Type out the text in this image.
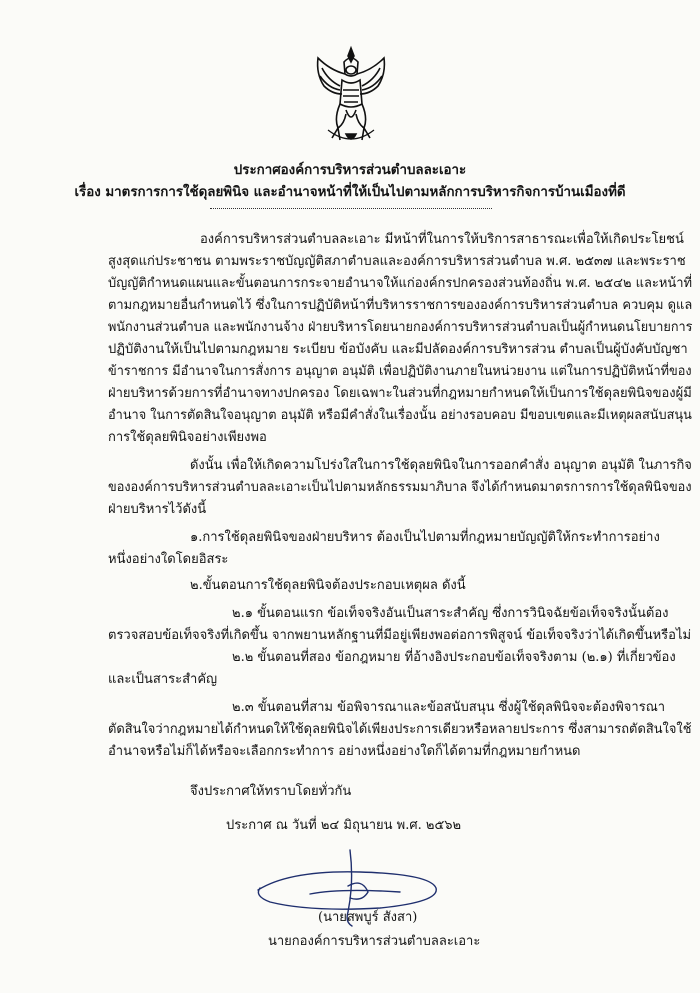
ประกาศองค์การบริหารส่วนตำบลละเอาะ
เรื่อง มาตรการการใช้ดุลยพินิจ และอำนาจหน้าที่ให้เป็นไปตามหลักการบริหารกิจการบ้านเมืองที่ดี
องค์การบริหารส่วนตำบลละเอาะ มีหน้าที่ในการให้บริการสาธารณะเพื่อให้เกิดประโยชน์
สูงสุดแก่ประชาชน ตามพระราชบัญญัติสภาตำบลและองค์การบริหารส่วนตำบล พ.ศ. ๒๕๓๗ และพระราช
บัญญัติกำหนดแผนและขั้นตอนการกระจายอำนาจให้แก่องค์กรปกครองส่วนท้องถิ่น พ.ศ. ๒๕๔๒ และหน้าที่
ตามกฎหมายอื่นกำหนดไว้ ซึ่งในการปฏิบัติหน้าที่บริหารราชการขององค์การบริหารส่วนตำบล ควบคุม ดูแล
พนักงานส่วนตำบล และพนักงานจ้าง ฝ่ายบริหารโดยนายกองค์การบริหารส่วนตำบลเป็นผู้กำหนดนโยบายการ
ปฏิบัติงานให้เป็นไปตามกฎหมาย ระเบียบ ข้อบังคับ และมีปลัดองค์การบริหารส่วน ตำบลเป็นผู้บังคับบัญชา
ข้าราชการ มีอำนาจในการสั่งการ อนุญาต อนุมัติ เพื่อปฏิบัติงานภายในหน่วยงาน แต่ในการปฏิบัติหน้าที่ของ
ฝ่ายบริหารด้วยการที่อำนาจทางปกครอง โดยเฉพาะในส่วนที่กฎหมายกำหนดให้เป็นการใช้ดุลยพินิจของผู้มี
อำนาจ ในการตัดสินใจอนุญาต อนุมัติ หรือมีคำสั่งในเรื่องนั้น อย่างรอบคอบ มีขอบเขตและมีเหตุผลสนับสนุน
การใช้ดุลยพินิจอย่างเพียงพอ
ดังนั้น เพื่อให้เกิดความโปร่งใสในการใช้ดุลยพินิจในการออกคำสั่ง อนุญาต อนุมัติ ในภารกิจ
ขององค์การบริหารส่วนตำบลละเอาะเป็นไปตามหลักธรรมมาภิบาล จึงได้กำหนดมาตรการการใช้ดุลพินิจของ
ฝ่ายบริหารไว้ดังนี้
๑.การใช้ดุลยพินิจของฝ่ายบริหาร ต้องเป็นไปตามที่กฎหมายบัญญัติให้กระทำการอย่าง
หนึ่งอย่างใดโดยอิสระ
๒.ขั้นตอนการใช้ดุลยพินิจต้องประกอบเหตุผล ดังนี้
๒.๑ ขั้นตอนแรก ข้อเท็จจริงอันเป็นสาระสำคัญ ซึ่งการวินิจฉัยข้อเท็จจริงนั้นต้อง
ตรวจสอบข้อเท็จจริงที่เกิดขึ้น จากพยานหลักฐานที่มีอยู่เพียงพอต่อการพิสูจน์ ข้อเท็จจริงว่าได้เกิดขึ้นหรือไม่
๒.๒ ขั้นตอนที่สอง ข้อกฎหมาย ที่อ้างอิงประกอบข้อเท็จจริงตาม (๒.๑) ที่เกี่ยวข้อง
และเป็นสาระสำคัญ
๒.๓ ขั้นตอนที่สาม ข้อพิจารณาและข้อสนับสนุน ซึ่งผู้ใช้ดุลพินิจจะต้องพิจารณา
ตัดสินใจว่ากฎหมายได้กำหนดให้ใช้ดุลยพินิจได้เพียงประการเดียวหรือหลายประการ ซึ่งสามารถตัดสินใจใช้
อำนาจหรือไม่ก็ได้หรือจะเลือกกระทำการ อย่างหนึ่งอย่างใดก็ได้ตามที่กฎหมายกำหนด
จึงประกาศให้ทราบโดยทั่วกัน
ประกาศ ณ วันที่ ๒๔ มิถุนายน พ.ศ. ๒๕๖๒
(นายสพบูร์ สังสา)
นายกองค์การบริหารส่วนตำบลละเอาะ
